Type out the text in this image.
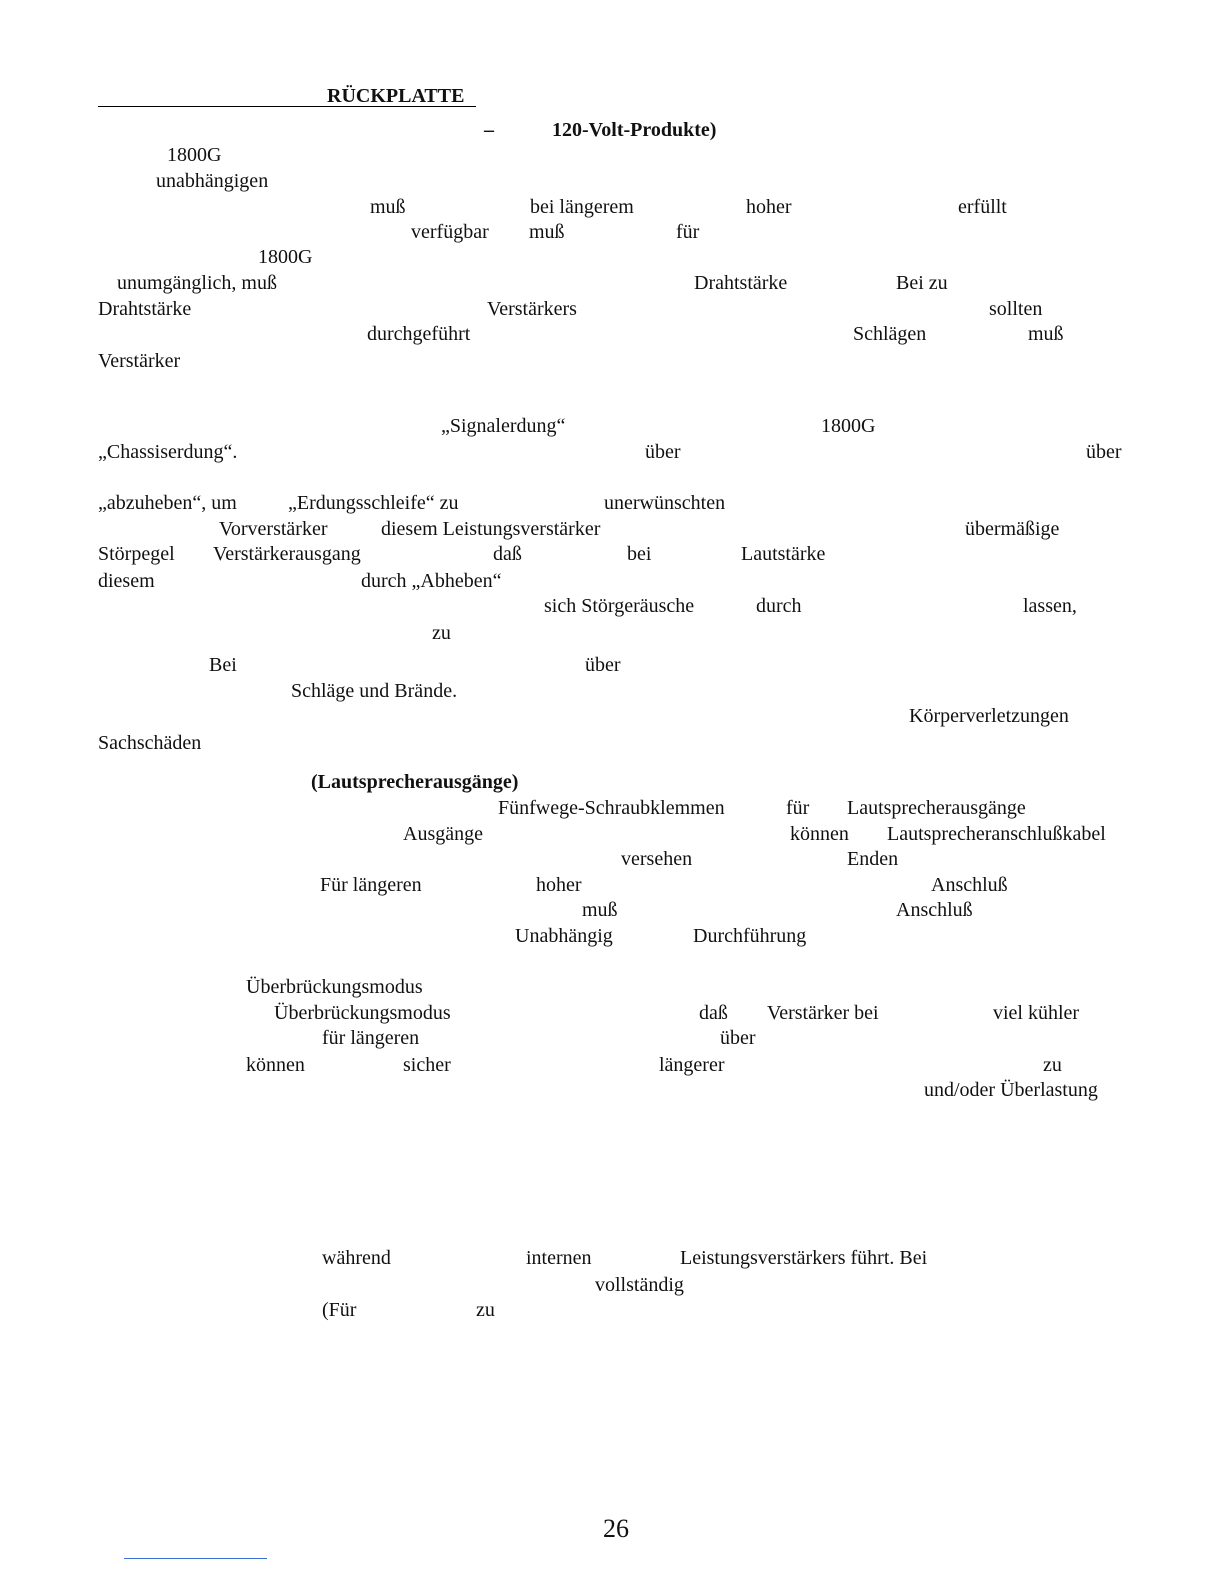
RÜCKPLATTE
–	120-Volt-Produkte)
1800G
unabhängigen
muß	bei längerem	hoher	erfüllt
verfügbar muß	für
1800G
unumgänglich, muß	Drahtstärke	Bei zu
Drahtstärke	Verstärkers	sollten
durchgeführt	Schlägen	muß
Verstärker
„Signalerdung“	1800G
„Chassiserdung“.	über	über
„abzuheben“, um	„Erdungsschleife“ zu	unerwünschten
Vorverstärker	diesem Leistungsverstärker	übermäßige
Störpegel Verstärkerausgang	daß	bei	Lautstärke
diesem	durch „Abheben“
sich Störgeräusche	durch	lassen,
zu
Bei	über
Schläge und Brände.
Körperverletzungen
Sachschäden
(Lautsprecherausgänge)
Fünfwege-Schraubklemmen	für Lautsprecherausgänge
Ausgänge	können Lautsprecheranschlußkabel
versehen	Enden
Für längeren	hoher	Anschluß
muß	Anschluß
Unabhängig	Durchführung
Überbrückungsmodus
Überbrückungsmodus	daß Verstärker bei	viel kühler
für längeren	über
können	sicher	längerer	zu
und/oder Überlastung
während	internen	Leistungsverstärkers führt. Bei
vollständig
(Für	zu
26
